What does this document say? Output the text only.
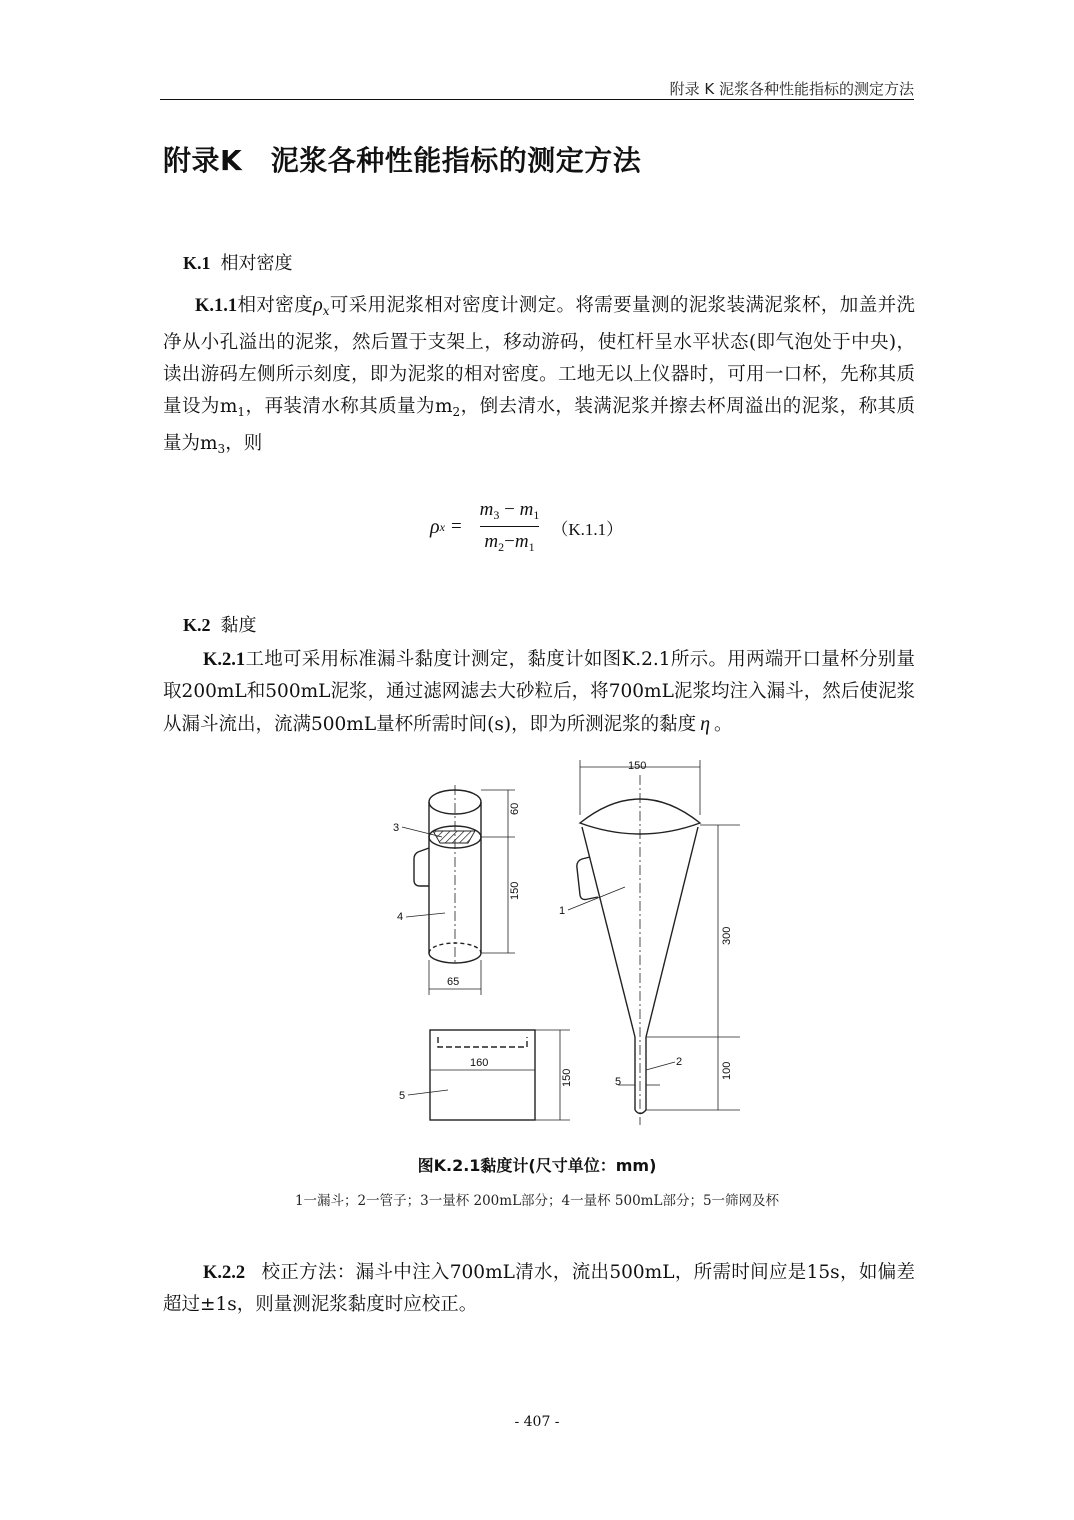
附录 K 泥浆各种性能指标的测定方法
附录K　泥浆各种性能指标的测定方法
K.1 相对密度
K.1.1相对密度$\rho_x$可采用泥浆相对密度计测定。将需要量测的泥浆装满泥浆杯，加盖并洗净从小孔溢出的泥浆，然后置于支架上，移动游码，使杠杆呈水平状态(即气泡处于中央)，读出游码左侧所示刻度，即为泥浆的相对密度。工地无以上仪器时，可用一口杯，先称其质量设为$m_1$，再装清水称其质量为$m_2$，倒去清水，装满泥浆并擦去杯周溢出的泥浆，称其质量为$m_3$，则
ρ $x = \frac{m_3 - m_1}{m_2-m_1} (K.1.1)$
K.2 黏度
K.2.1工地可采用标准漏斗黏度计测定，黏度计如图K.2.1所示。用两端开口量杯分别量取200mL和500mL泥浆，通过滤网滤去大砂粒后，将700mL泥浆均注入漏斗，然后使泥浆从漏斗流出，流满500mL量杯所需时间(s)，即为所测泥浆的黏度 η 。
150
60
150
65
300
100
160
150	5
1
2
3
4
5
图K.2.1黏度计(尺寸单位：mm)
1一漏斗；2一管子；3一量杯 200mL部分；4一量杯 500mL部分；5一筛网及杯
K.2.2 校正方法：漏斗中注入700mL清水，流出500mL，所需时间应是15s，如偏差超过±1s，则量测泥浆黏度时应校正。
- 407 -
